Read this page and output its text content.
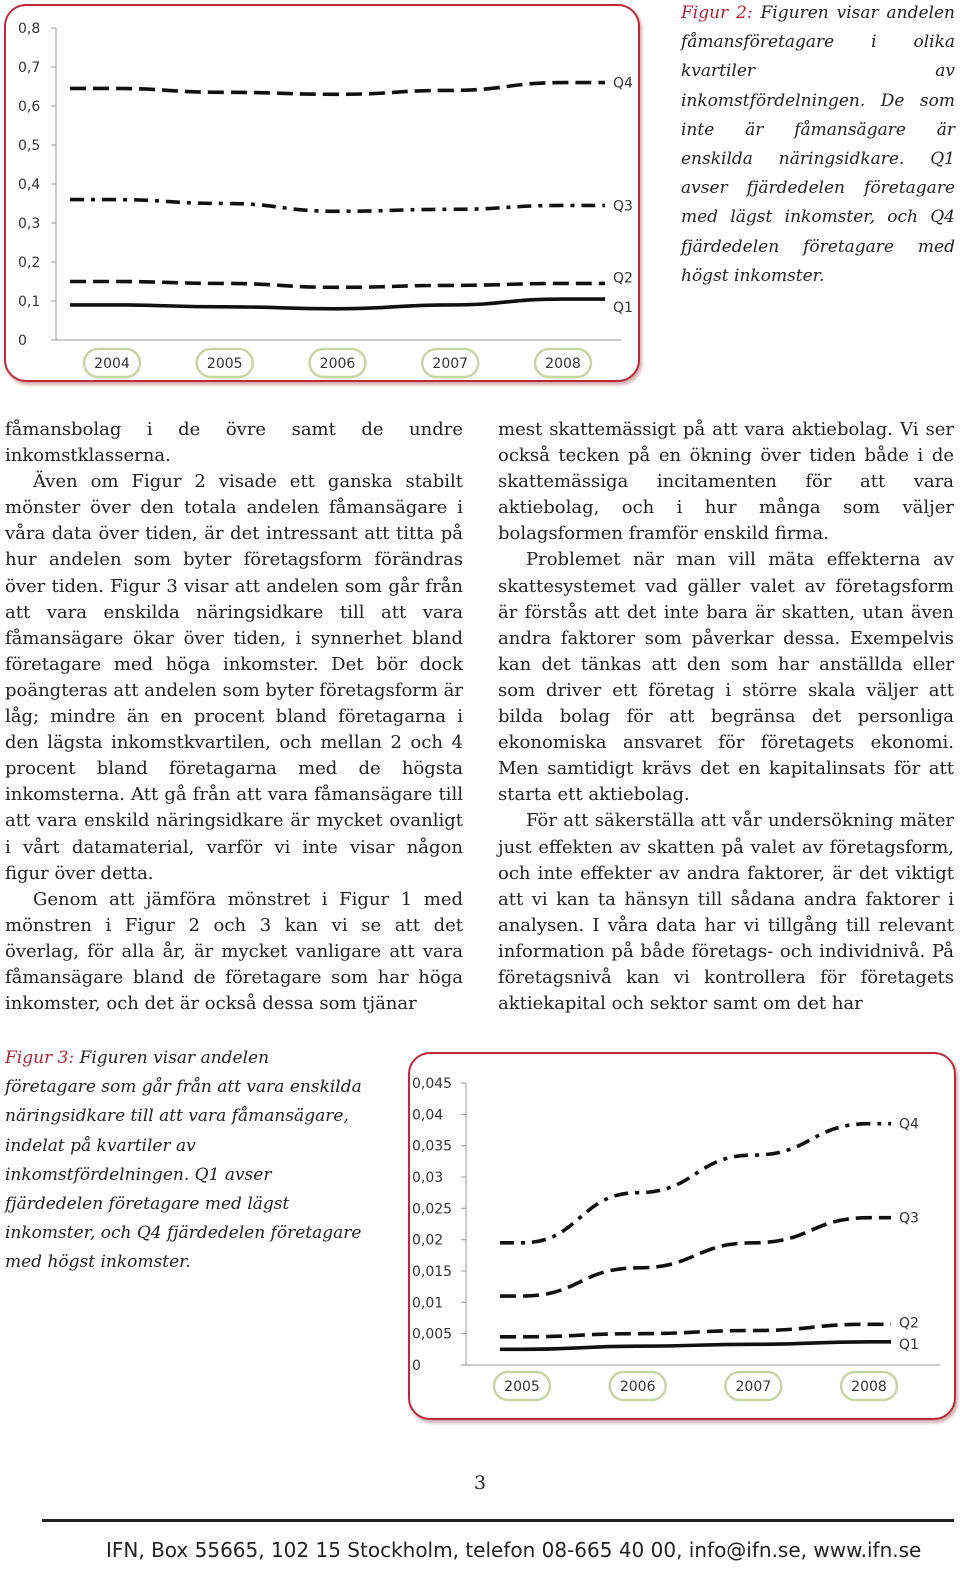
0
0,1
0,2
0,3
0,4
0,5
0,6
0,7
0,8
2004	2005	2006	2007	2008
Q4
Q3
Q2
Q1
Figur 2: Figuren visar andelen fåmansföretagare i olika kvartiler av inkomstfördelningen. De som inte är fåmansägare är enskilda näringsidkare. Q1 avser fjärdedelen företagare med lägst inkomster, och Q4 fjärdedelen företagare med högst inkomster.

fåmansbolag i de övre samt de undre inkomstklasserna.

Även om Figur 2 visade ett ganska stabilt mönster över den totala andelen fåmansägare i våra data över tiden, är det intressant att titta på hur andelen som byter företagsform förändras över tiden. Figur 3 visar att andelen som går från att vara enskilda näringsidkare till att vara fåmansägare ökar över tiden, i synnerhet bland företagare med höga inkomster. Det bör dock poängteras att andelen som byter företagsform är låg; mindre än en procent bland företagarna i den lägsta inkomstkvartilen, och mellan 2 och 4 procent bland företagarna med de högsta inkomsterna. Att gå från att vara fåmansägare till att vara enskild näringsidkare är mycket ovanligt i vårt datamaterial, varför vi inte visar någon figur över detta.

Genom att jämföra mönstret i Figur 1 med mönstren i Figur 2 och 3 kan vi se att det överlag, för alla år, är mycket vanligare att vara fåmansägare bland de företagare som har höga inkomster, och det är också dessa som tjänar

mest skattemässigt på att vara aktiebolag. Vi ser också tecken på en ökning över tiden både i de skattemässiga incitamenten för att vara aktiebolag, och i hur många som väljer bolagsformen framför enskild firma.

Problemet när man vill mäta effekterna av skattesystemet vad gäller valet av företagsform är förstås att det inte bara är skatten, utan även andra faktorer som påverkar dessa. Exempelvis kan det tänkas att den som har anställda eller som driver ett företag i större skala väljer att bilda bolag för att begränsa det personliga ekonomiska ansvaret för företagets ekonomi. Men samtidigt krävs det en kapitalinsats för att starta ett aktiebolag.

För att säkerställa att vår undersökning mäter just effekten av skatten på valet av företagsform, och inte effekter av andra faktorer, är det viktigt att vi kan ta hänsyn till sådana andra faktorer i analysen. I våra data har vi tillgång till relevant information på både företags- och individnivå. På företagsnivå kan vi kontrollera för företagets aktiekapital och sektor samt om det har

Figur 3: Figuren visar andelen företagare som går från att vara enskilda näringsidkare till att vara fåmansägare, indelat på kvartiler av inkomstfördelningen. Q1 avser fjärdedelen företagare med lägst inkomster, och Q4 fjärdedelen företagare med högst inkomster.
0
0,005
0,01
0,015
0,02
0,025
0,03
0,035
0,04
0,045
2005	2006	2007	2008
Q4
Q3
Q2
Q1
3
IFN, Box 55665, 102 15 Stockholm, telefon 08-665 40 00, info@ifn.se, www.ifn.se
